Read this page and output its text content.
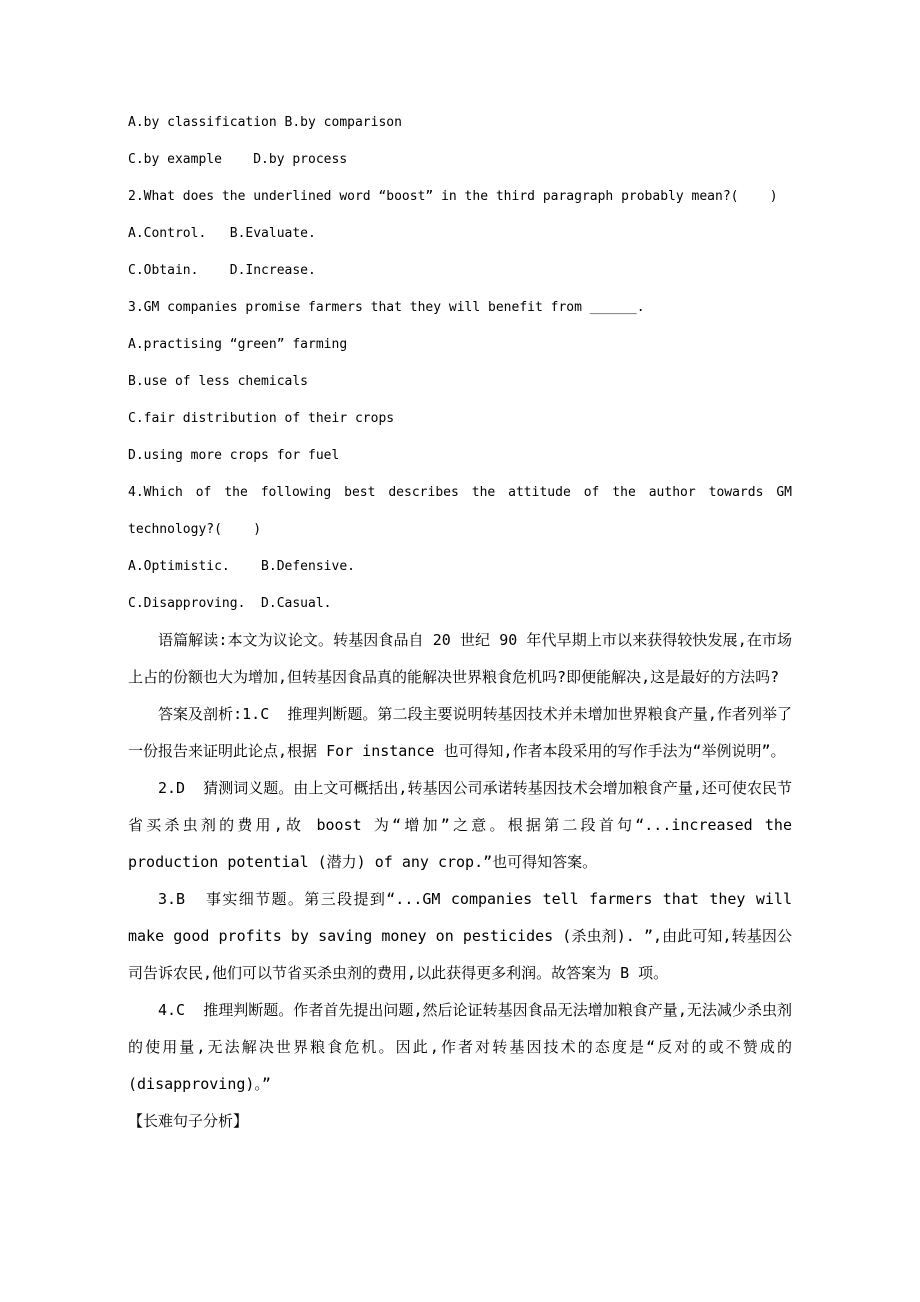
A.by classification B.by comparison

C.by example    D.by process

2.What does the underlined word “boost” in the third paragraph probably mean?(    )

A.Control.   B.Evaluate.

C.Obtain.    D.Increase.

3.GM companies promise farmers that they will benefit from ______.

A.practising “green” farming

B.use of less chemicals

C.fair distribution of their crops

D.using more crops for fuel

4.Which of the following best describes the attitude of the author towards GM technology?(    )

A.Optimistic.    B.Defensive.

C.Disapproving.  D.Casual.

语篇解读:本文为议论文。转基因食品自 20 世纪 90 年代早期上市以来获得较快发展,在市场上占的份额也大为增加,但转基因食品真的能解决世界粮食危机吗?即便能解决,这是最好的方法吗?

答案及剖析:1.C  推理判断题。第二段主要说明转基因技术并未增加世界粮食产量,作者列举了一份报告来证明此论点,根据 For instance 也可得知,作者本段采用的写作手法为“举例说明”。

2.D  猜测词义题。由上文可概括出,转基因公司承诺转基因技术会增加粮食产量,还可使农民节省买杀虫剂的费用,故 boost 为“增加”之意。根据第二段首句“...increased the production potential (潜力) of any crop.”也可得知答案。

3.B  事实细节题。第三段提到“...GM companies tell farmers that they will make good profits by saving money on pesticides (杀虫剂). ”,由此可知,转基因公司告诉农民,他们可以节省买杀虫剂的费用,以此获得更多利润。故答案为 B 项。

4.C  推理判断题。作者首先提出问题,然后论证转基因食品无法增加粮食产量,无法减少杀虫剂的使用量,无法解决世界粮食危机。因此,作者对转基因技术的态度是“反对的或不赞成的(disapproving)。”

【长难句子分析】
